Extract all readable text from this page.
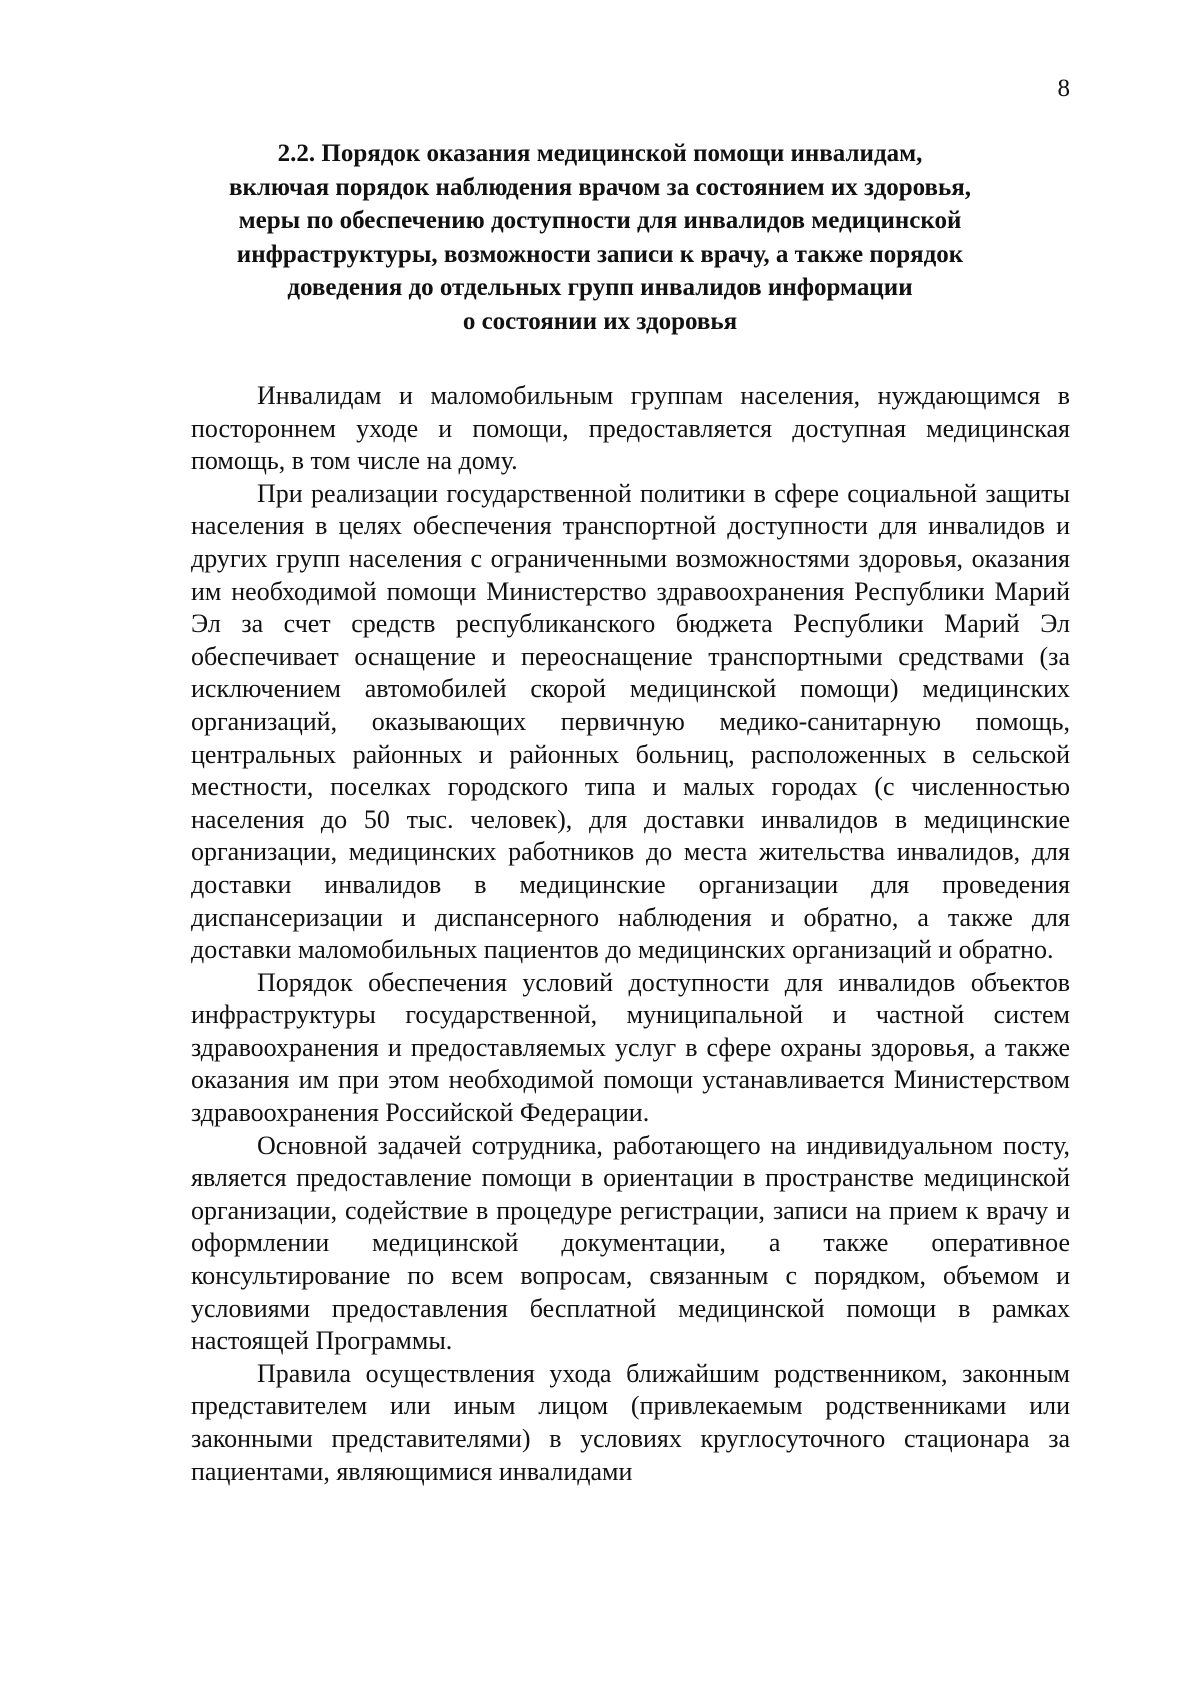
8
2.2. Порядок оказания медицинской помощи инвалидам,
включая порядок наблюдения врачом за состоянием их здоровья,
меры по обеспечению доступности для инвалидов медицинской
инфраструктуры, возможности записи к врачу, а также порядок
доведения до отдельных групп инвалидов информации
о состоянии их здоровья

Инвалидам и маломобильным группам населения, нуждающимся в постороннем уходе и помощи, предоставляется доступная медицинская помощь, в том числе на дому.

При реализации государственной политики в сфере социальной защиты населения в целях обеспечения транспортной доступности для инвалидов и других групп населения с ограниченными возможностями здоровья, оказания им необходимой помощи Министерство здравоохранения Республики Марий Эл за счет средств республиканского бюджета Республики Марий Эл обеспечивает оснащение и переоснащение транспортными средствами (за исключением автомобилей скорой медицинской помощи) медицинских организаций, оказывающих первичную медико-санитарную помощь, центральных районных и районных больниц, расположенных в сельской местности, поселках городского типа и малых городах (с численностью населения до 50 тыс. человек), для доставки инвалидов в медицинские организации, медицинских работников до места жительства инвалидов, для доставки инвалидов в медицинские организации для проведения диспансеризации и диспансерного наблюдения и обратно, а также для доставки маломобильных пациентов до медицинских организаций и обратно.

Порядок обеспечения условий доступности для инвалидов объектов инфраструктуры государственной, муниципальной и частной систем здравоохранения и предоставляемых услуг в сфере охраны здоровья, а также оказания им при этом необходимой помощи устанавливается Министерством здравоохранения Российской Федерации.

Основной задачей сотрудника, работающего на индивидуальном посту, является предоставление помощи в ориентации в пространстве медицинской организации, содействие в процедуре регистрации, записи на прием к врачу и оформлении медицинской документации, а также оперативное консультирование по всем вопросам, связанным с порядком, объемом и условиями предоставления бесплатной медицинской помощи в рамках настоящей Программы.

Правила осуществления ухода ближайшим родственником, законным представителем или иным лицом (привлекаемым родственниками или законными представителями) в условиях круглосуточного стационара за пациентами, являющимися инвалидами
